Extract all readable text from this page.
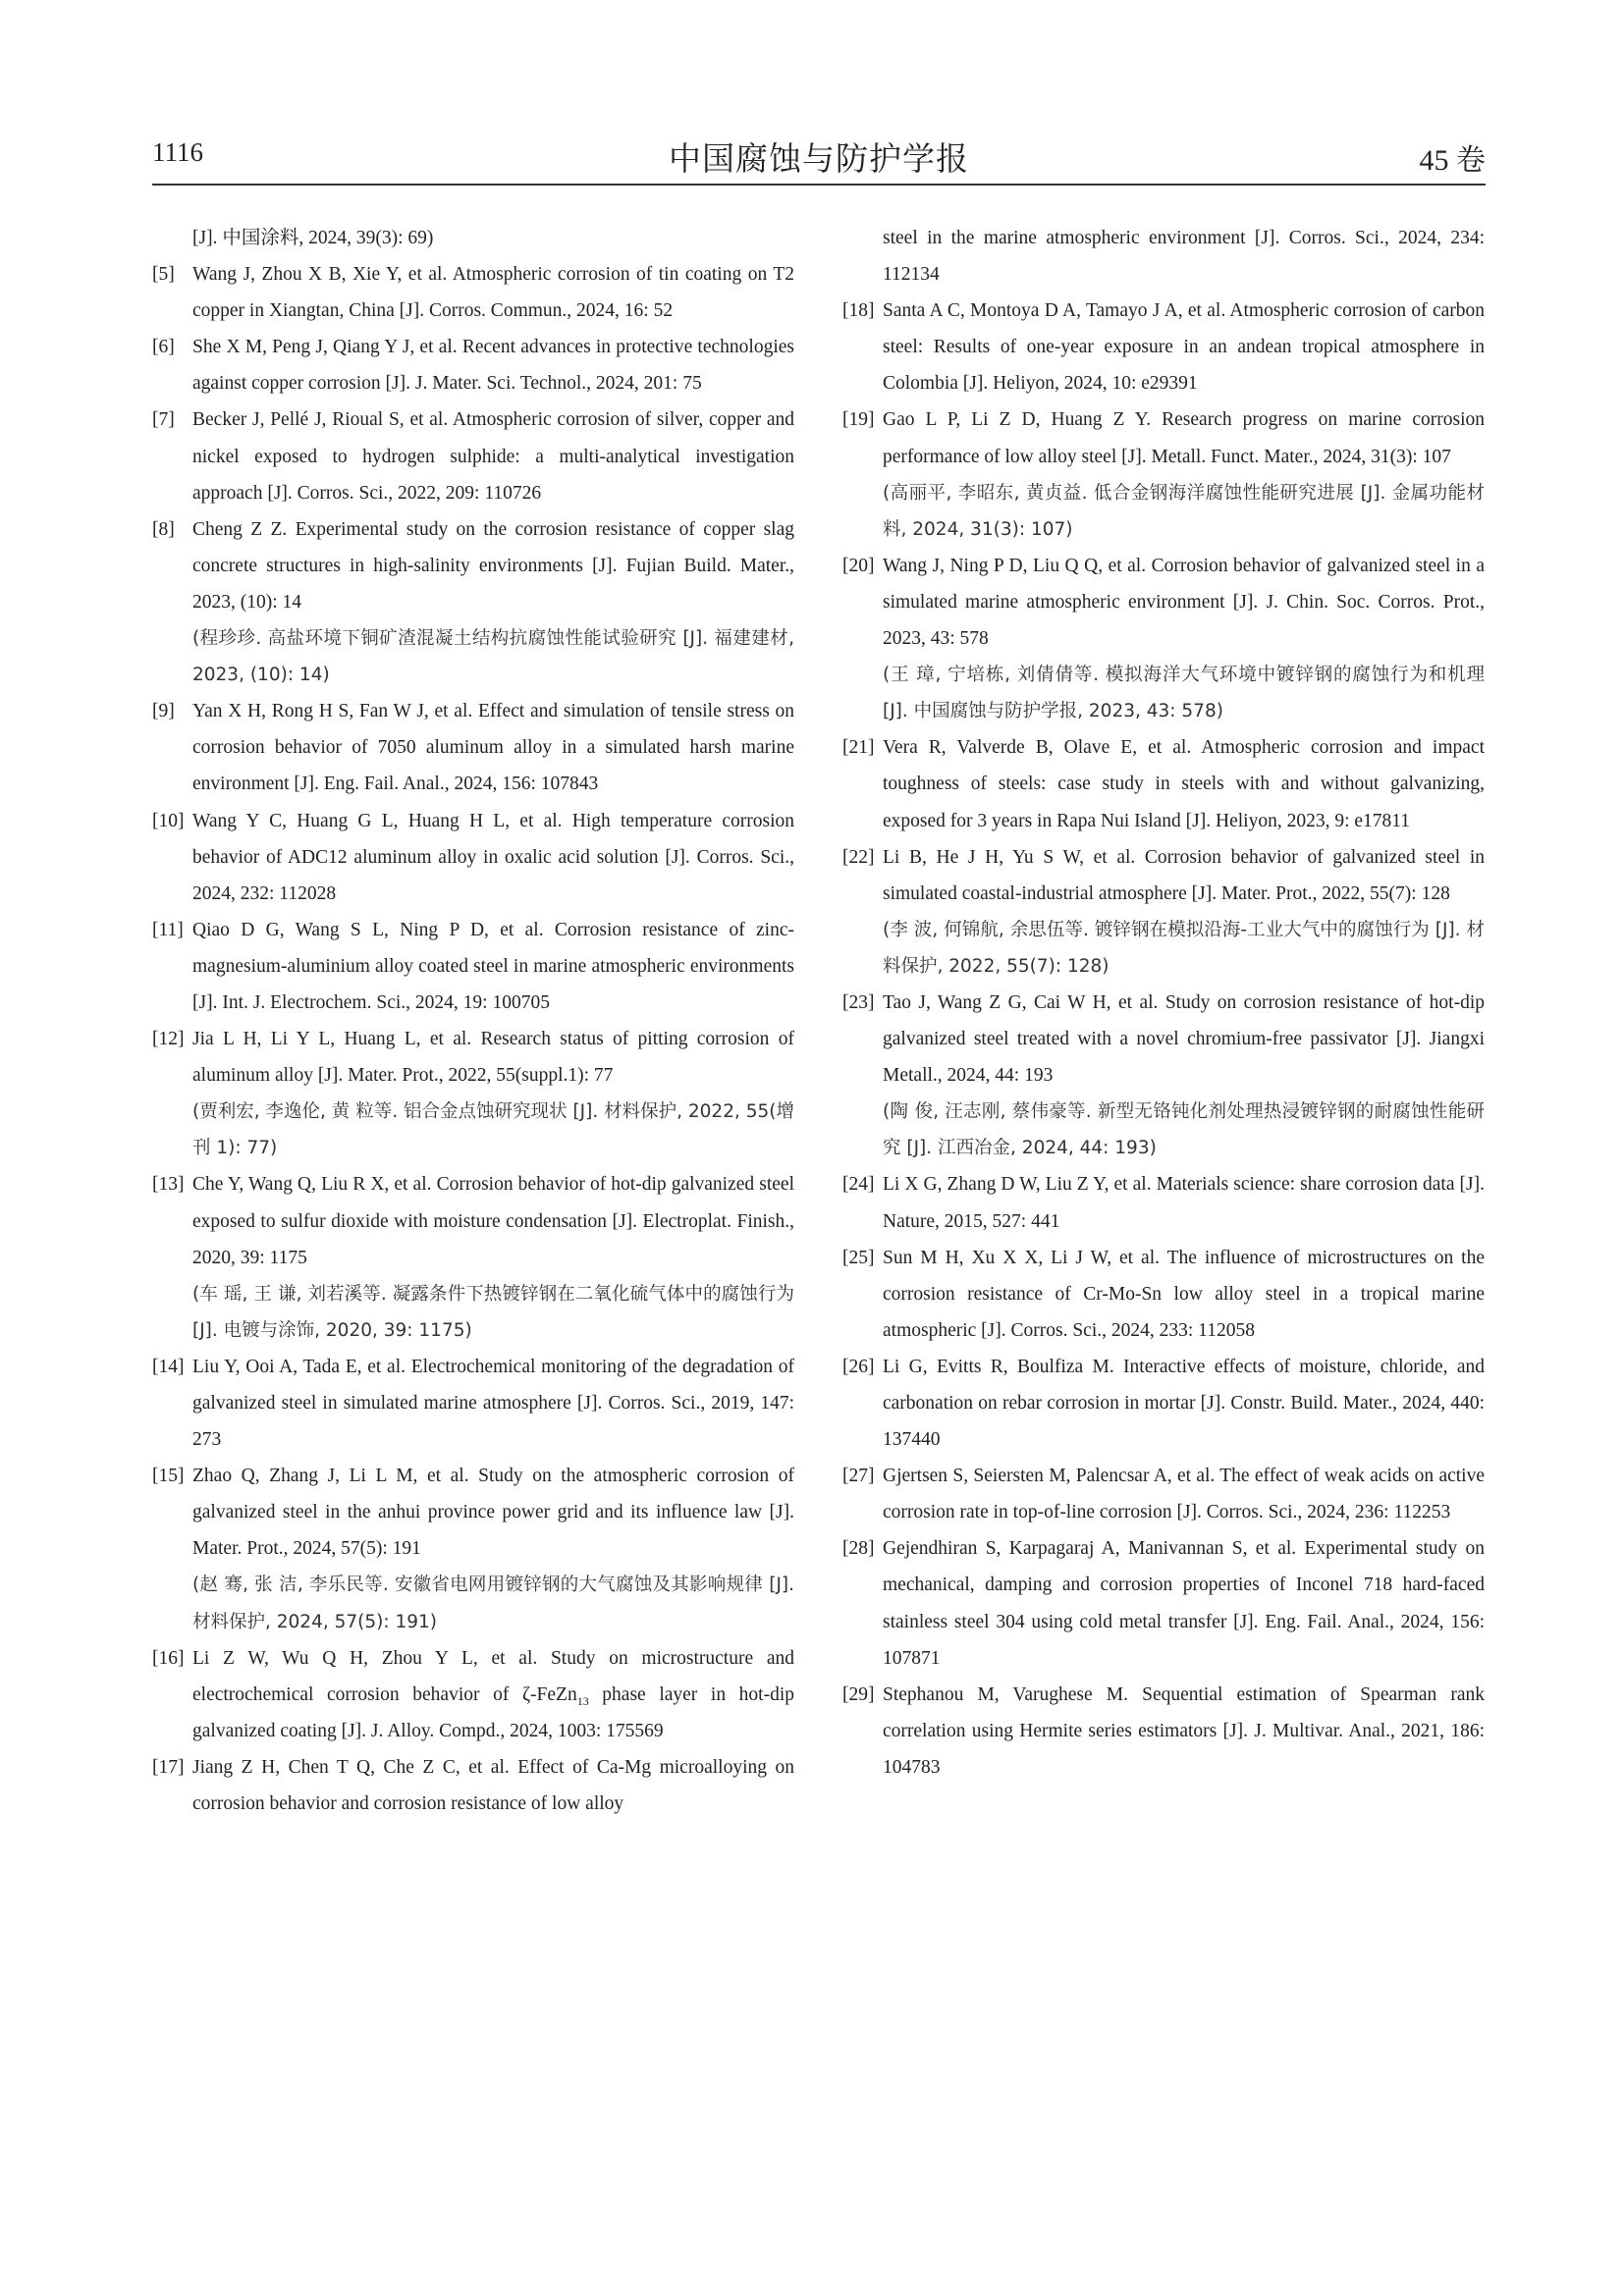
1116	中国腐蚀与防护学报	45 卷
[J]. 中国涂料, 2024, 39(3): 69)
[5] Wang J, Zhou X B, Xie Y, et al. Atmospheric corrosion of tin coating on T2 copper in Xiangtan, China [J]. Corros. Commun., 2024, 16: 52
[6] She X M, Peng J, Qiang Y J, et al. Recent advances in protective technologies against copper corrosion [J]. J. Mater. Sci. Technol., 2024, 201: 75
[7] Becker J, Pellé J, Rioual S, et al. Atmospheric corrosion of silver, copper and nickel exposed to hydrogen sulphide: a multi-analytical investigation approach [J]. Corros. Sci., 2022, 209: 110726
[8] Cheng Z Z. Experimental study on the corrosion resistance of copper slag concrete structures in high-salinity environments [J]. Fujian Build. Mater., 2023, (10): 14
(程珍珍. 高盐环境下铜矿渣混凝土结构抗腐蚀性能试验研究 [J]. 福建建材, 2023, (10): 14)
[9] Yan X H, Rong H S, Fan W J, et al. Effect and simulation of tensile stress on corrosion behavior of 7050 aluminum alloy in a simulated harsh marine environment [J]. Eng. Fail. Anal., 2024, 156: 107843
[10] Wang Y C, Huang G L, Huang H L, et al. High temperature corrosion behavior of ADC12 aluminum alloy in oxalic acid solution [J]. Corros. Sci., 2024, 232: 112028
[11] Qiao D G, Wang S L, Ning P D, et al. Corrosion resistance of zinc-magnesium-aluminium alloy coated steel in marine atmospheric environments [J]. Int. J. Electrochem. Sci., 2024, 19: 100705
[12] Jia L H, Li Y L, Huang L, et al. Research status of pitting corrosion of aluminum alloy [J]. Mater. Prot., 2022, 55(suppl.1): 77
(贾利宏, 李逸伦, 黄 粒等. 铝合金点蚀研究现状 [J]. 材料保护, 2022, 55(增刊 1): 77)
[13] Che Y, Wang Q, Liu R X, et al. Corrosion behavior of hot-dip galvanized steel exposed to sulfur dioxide with moisture condensation [J]. Electroplat. Finish., 2020, 39: 1175
(车 瑶, 王 谦, 刘若溪等. 凝露条件下热镀锌钢在二氧化硫气体中的腐蚀行为 [J]. 电镀与涂饰, 2020, 39: 1175)
[14] Liu Y, Ooi A, Tada E, et al. Electrochemical monitoring of the degradation of galvanized steel in simulated marine atmosphere [J]. Corros. Sci., 2019, 147: 273
[15] Zhao Q, Zhang J, Li L M, et al. Study on the atmospheric corrosion of galvanized steel in the anhui province power grid and its influence law [J]. Mater. Prot., 2024, 57(5): 191
(赵 骞, 张 洁, 李乐民等. 安徽省电网用镀锌钢的大气腐蚀及其影响规律 [J]. 材料保护, 2024, 57(5): 191)
[16] Li Z W, Wu Q H, Zhou Y L, et al. Study on microstructure and electrochemical corrosion behavior of ζ-FeZn$_{13}$ phase layer in hot-dip galvanized coating [J]. J. Alloy. Compd., 2024, 1003: 175569
[17] Jiang Z H, Chen T Q, Che Z C, et al. Effect of Ca-Mg microalloying on corrosion behavior and corrosion resistance of low alloy
steel in the marine atmospheric environment [J]. Corros. Sci., 2024, 234: 112134
[18] Santa A C, Montoya D A, Tamayo J A, et al. Atmospheric corrosion of carbon steel: Results of one-year exposure in an andean tropical atmosphere in Colombia [J]. Heliyon, 2024, 10: e29391
[19] Gao L P, Li Z D, Huang Z Y. Research progress on marine corrosion performance of low alloy steel [J]. Metall. Funct. Mater., 2024, 31(3): 107
(高丽平, 李昭东, 黄贞益. 低合金钢海洋腐蚀性能研究进展 [J]. 金属功能材料, 2024, 31(3): 107)
[20] Wang J, Ning P D, Liu Q Q, et al. Corrosion behavior of galvanized steel in a simulated marine atmospheric environment [J]. J. Chin. Soc. Corros. Prot., 2023, 43: 578
(王 璋, 宁培栋, 刘倩倩等. 模拟海洋大气环境中镀锌钢的腐蚀行为和机理 [J]. 中国腐蚀与防护学报, 2023, 43: 578)
[21] Vera R, Valverde B, Olave E, et al. Atmospheric corrosion and impact toughness of steels: case study in steels with and without galvanizing, exposed for 3 years in Rapa Nui Island [J]. Heliyon, 2023, 9: e17811
[22] Li B, He J H, Yu S W, et al. Corrosion behavior of galvanized steel in simulated coastal-industrial atmosphere [J]. Mater. Prot., 2022, 55(7): 128
(李 波, 何锦航, 余思伍等. 镀锌钢在模拟沿海-工业大气中的腐蚀行为 [J]. 材料保护, 2022, 55(7): 128)
[23] Tao J, Wang Z G, Cai W H, et al. Study on corrosion resistance of hot-dip galvanized steel treated with a novel chromium-free passivator [J]. Jiangxi Metall., 2024, 44: 193
(陶 俊, 汪志刚, 蔡伟豪等. 新型无铬钝化剂处理热浸镀锌钢的耐腐蚀性能研究 [J]. 江西冶金, 2024, 44: 193)
[24] Li X G, Zhang D W, Liu Z Y, et al. Materials science: share corrosion data [J]. Nature, 2015, 527: 441
[25] Sun M H, Xu X X, Li J W, et al. The influence of microstructures on the corrosion resistance of Cr-Mo-Sn low alloy steel in a tropical marine atmospheric [J]. Corros. Sci., 2024, 233: 112058
[26] Li G, Evitts R, Boulfiza M. Interactive effects of moisture, chloride, and carbonation on rebar corrosion in mortar [J]. Constr. Build. Mater., 2024, 440: 137440
[27] Gjertsen S, Seiersten M, Palencsar A, et al. The effect of weak acids on active corrosion rate in top-of-line corrosion [J]. Corros. Sci., 2024, 236: 112253
[28] Gejendhiran S, Karpagaraj A, Manivannan S, et al. Experimental study on mechanical, damping and corrosion properties of Inconel 718 hard-faced stainless steel 304 using cold metal transfer [J]. Eng. Fail. Anal., 2024, 156: 107871
[29] Stephanou M, Varughese M. Sequential estimation of Spearman rank correlation using Hermite series estimators [J]. J. Multivar. Anal., 2021, 186: 104783
